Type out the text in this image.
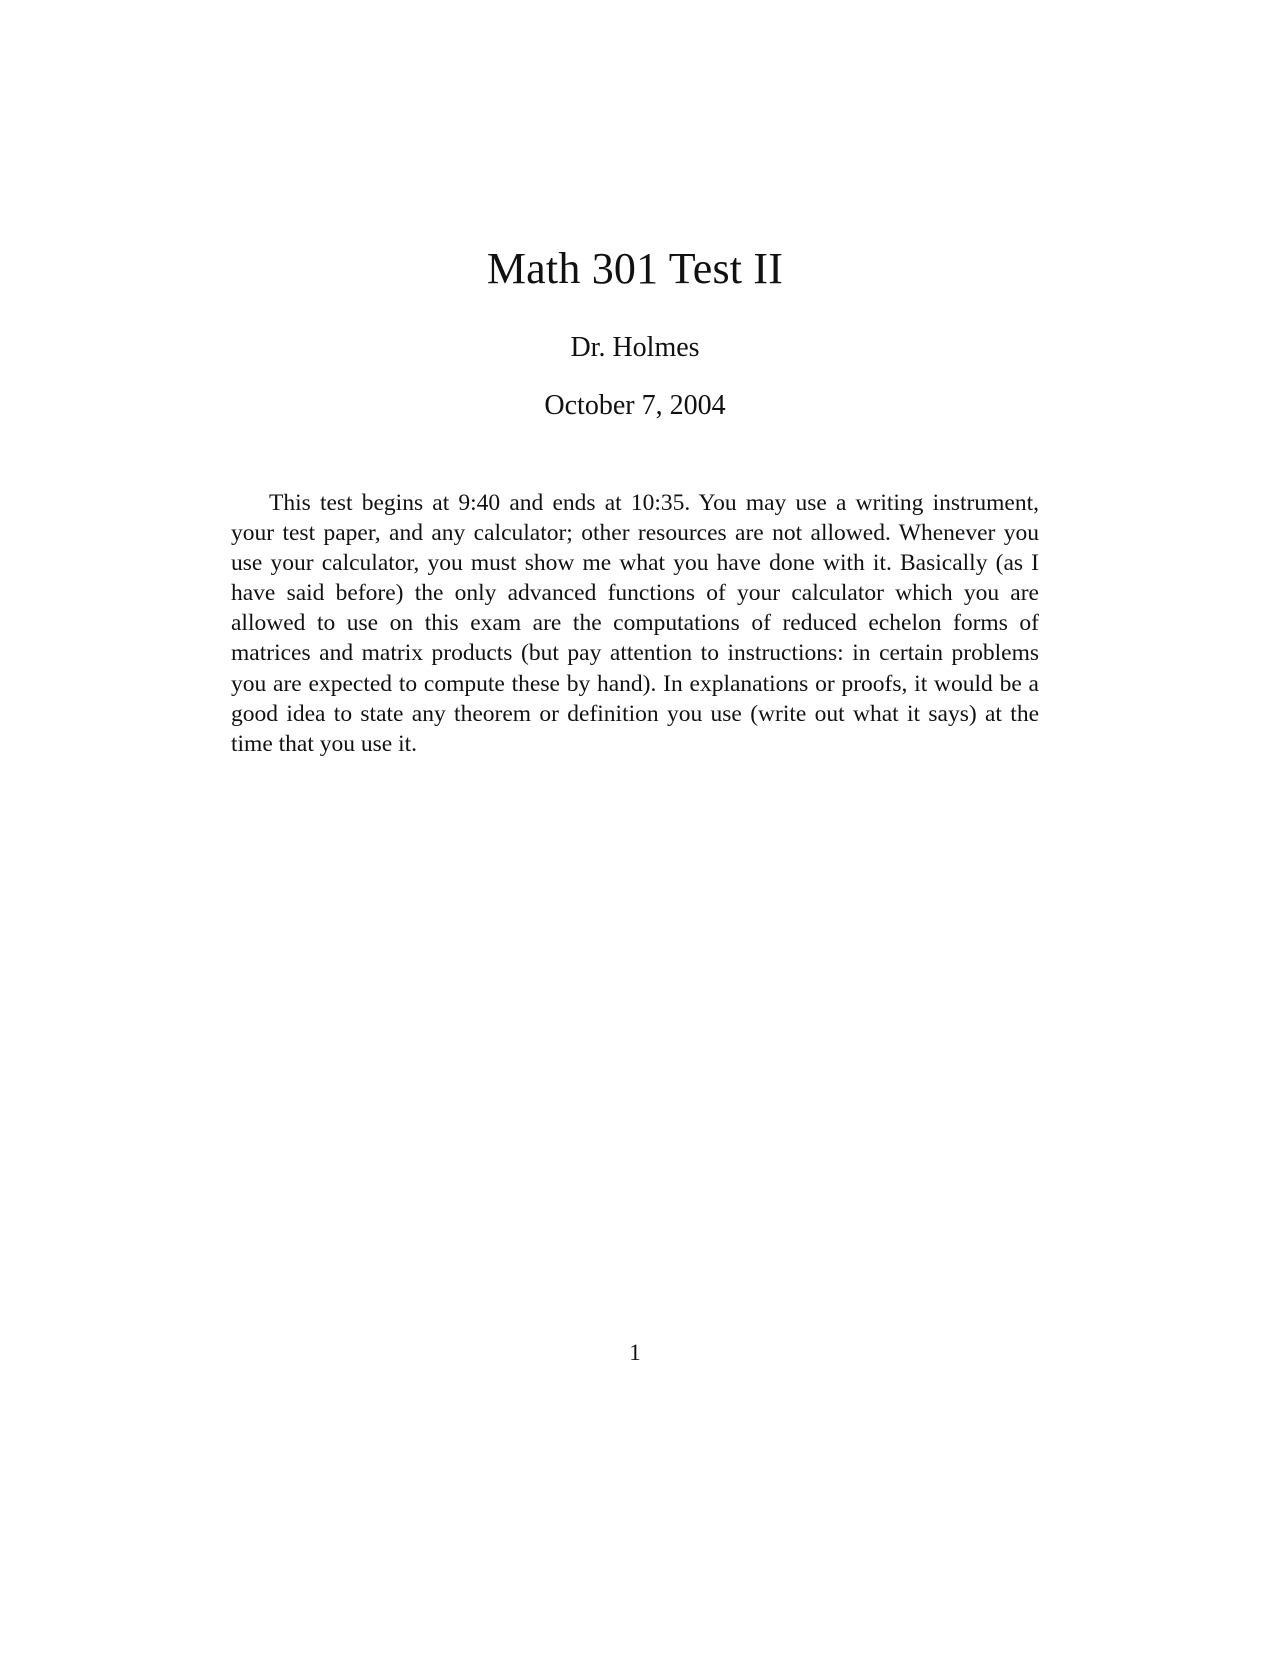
Math 301 Test II
Dr. Holmes
October 7, 2004

This test begins at 9:40 and ends at 10:35. You may use a writing instrument, your test paper, and any calculator; other resources are not allowed. Whenever you use your calculator, you must show me what you have done with it. Basically (as I have said before) the only advanced functions of your calculator which you are allowed to use on this exam are the computations of reduced echelon forms of matrices and matrix products (but pay attention to instructions: in certain problems you are expected to compute these by hand). In explanations or proofs, it would be a good idea to state any theorem or definition you use (write out what it says) at the time that you use it.

1
